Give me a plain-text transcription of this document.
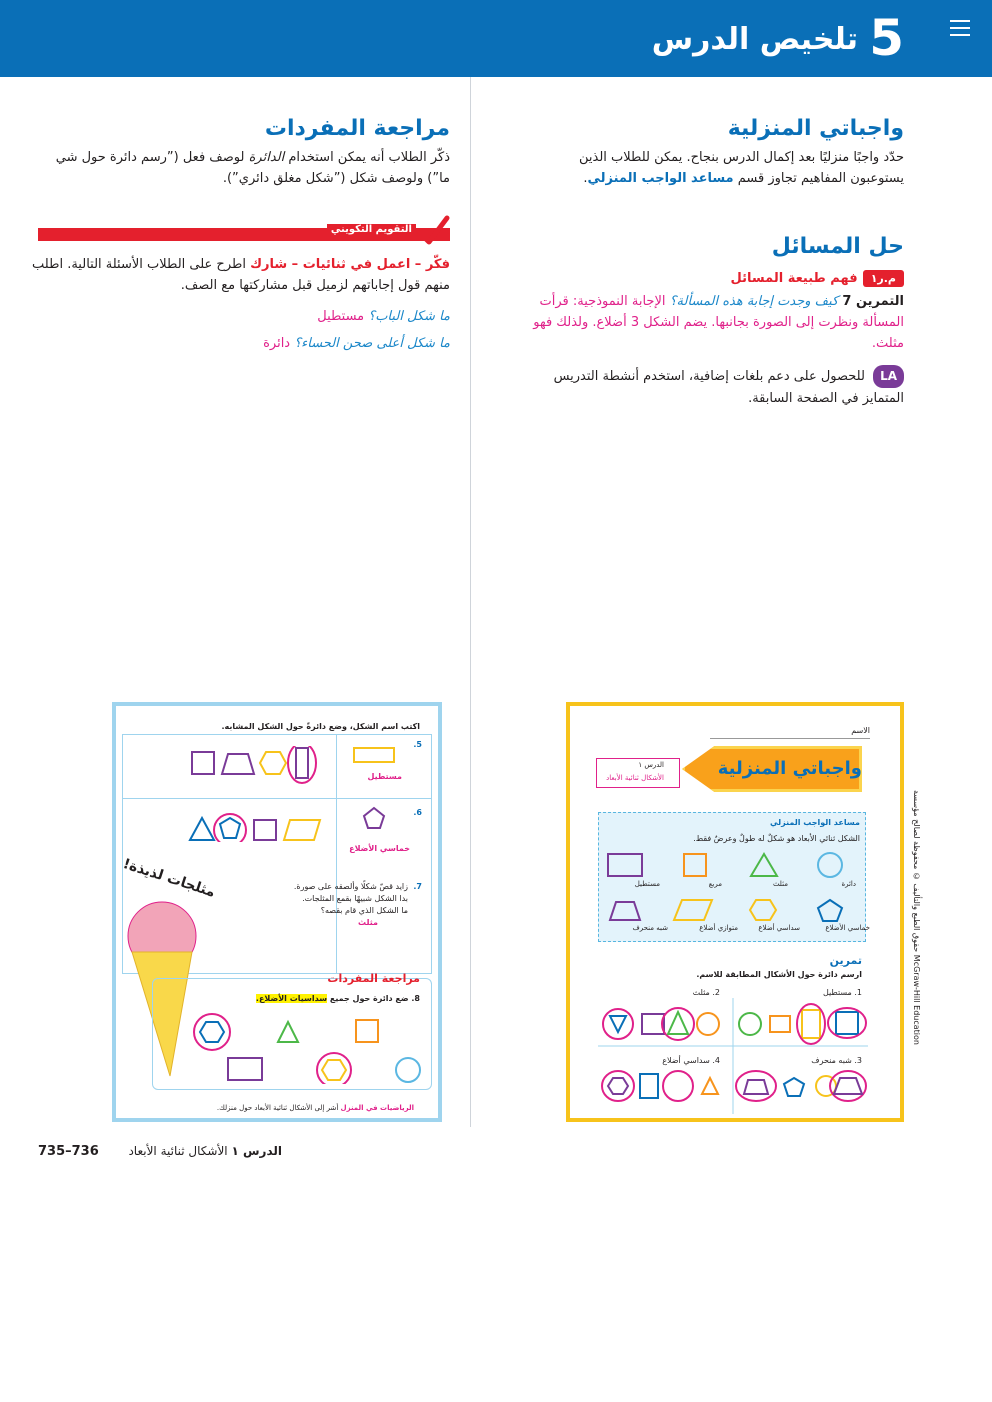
تلخيص الدرس 5
واجباتي المنزلية
حدّد واجبًا منزليًا بعد إكمال الدرس بنجاح. يمكن للطلاب الذين يستوعبون المفاهيم تجاوز قسم مساعد الواجب المنزلي.
حل المسائل
م.ر١ فهم طبيعة المسائل
التمرين 7 كيف وجدت إجابة هذه المسألة؟ الإجابة النموذجية: قرأت المسألة ونظرت إلى الصورة بجانبها. يضم الشكل 3 أضلاع. ولذلك فهو مثلث.
LA للحصول على دعم بلغات إضافية، استخدم أنشطة التدريس المتمايز في الصفحة السابقة.
مراجعة المفردات
ذكّر الطلاب أنه يمكن استخدام الدائرة لوصف فعل (”رسم دائرة حول شي ما”) ولوصف شكل (”شكل مغلق دائري”).
التقويم التكويني
فكّر – اعمل في ثنائيات – شارك اطرح على الطلاب الأسئلة التالية. اطلب منهم قول إجاباتهم لزميل قبل مشاركتها مع الصف.
ما شكل الباب؟ مستطيل
ما شكل أعلى صحن الحساء؟ دائرة
الاسم
واجباتي المنزلية
الدرس ١
الأشكال ثنائية الأبعاد
مساعد الواجب المنزلي
الشكل ثنائي الأبعاد هو شكلٌ له طولٌ وعرضٌ فقط.
دائرة
مثلث
مربع
مستطيل
خماسي الأضلاع
سداسي أضلاع
متوازي أضلاع
شبه منحرف
تمرين
ارسم دائرة حول الأشكال المطابقة للاسم.
1. مستطيل
2. مثلث
3. شبه منحرف
4. سداسي أضلاع
حقوق الطبع والتأليف © محفوظة لصالح مؤسسة McGraw-Hill Education
اكتب اسم الشكل، وضع دائرةً حول الشكل المشابه.
5.
مستطيل
6.
خماسي الأضلاع
7.
زايد قصّ شكلًا وألصقه على صورة.
بدا الشكل شبيهًا بقمع المثلجات.
ما الشكل الذي قام بقصه؟
مثلث
مثلجات لذيذة!
مراجعة المفردات
8. ضع دائرة حول جميع سداسيات الأضلاع.
الرياضيات في المنزل أشر إلى الأشكال ثنائية الأبعاد حول منزلك.
735–736	الدرس ١ الأشكال ثنائية الأبعاد
